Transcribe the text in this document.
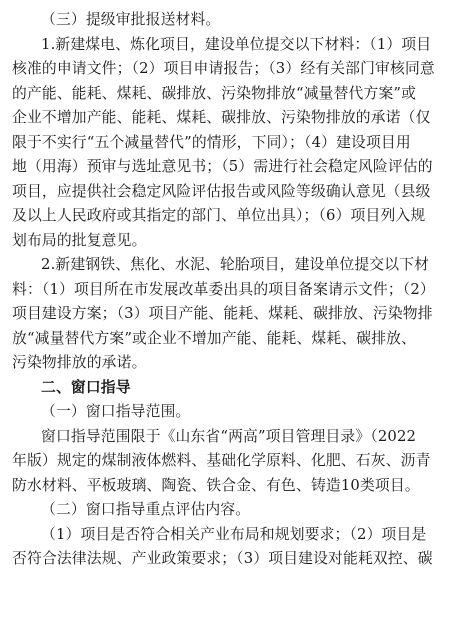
（三）提级审批报送材料。
1.新建煤电、炼化项目，建设单位提交以下材料：（1）项目
核准的申请文件；（2）项目申请报告；（3）经有关部门审核同意
的产能、能耗、煤耗、碳排放、污染物排放“减量替代方案”或
企业不增加产能、能耗、煤耗、碳排放、污染物排放的承诺（仅
限于不实行“五个减量替代”的情形，下同）；（4）建设项目用
地（用海）预审与选址意见书；（5）需进行社会稳定风险评估的
项目，应提供社会稳定风险评估报告或风险等级确认意见（县级
及以上人民政府或其指定的部门、单位出具）；（6）项目列入规
划布局的批复意见。
2.新建钢铁、焦化、水泥、轮胎项目，建设单位提交以下材
料：（1）项目所在市发展改革委出具的项目备案请示文件；（2）
项目建设方案；（3）项目产能、能耗、煤耗、碳排放、污染物排
放“减量替代方案”或企业不增加产能、能耗、煤耗、碳排放、
污染物排放的承诺。
二、窗口指导
（一）窗口指导范围。
窗口指导范围限于《山东省“两高”项目管理目录》（2022
年版）规定的煤制液体燃料、基础化学原料、化肥、石灰、沥青
防水材料、平板玻璃、陶瓷、铁合金、有色、铸造10类项目。
（二）窗口指导重点评估内容。
（1）项目是否符合相关产业布局和规划要求；（2）项目是
否符合法律法规、产业政策要求；（3）项目建设对能耗双控、碳
